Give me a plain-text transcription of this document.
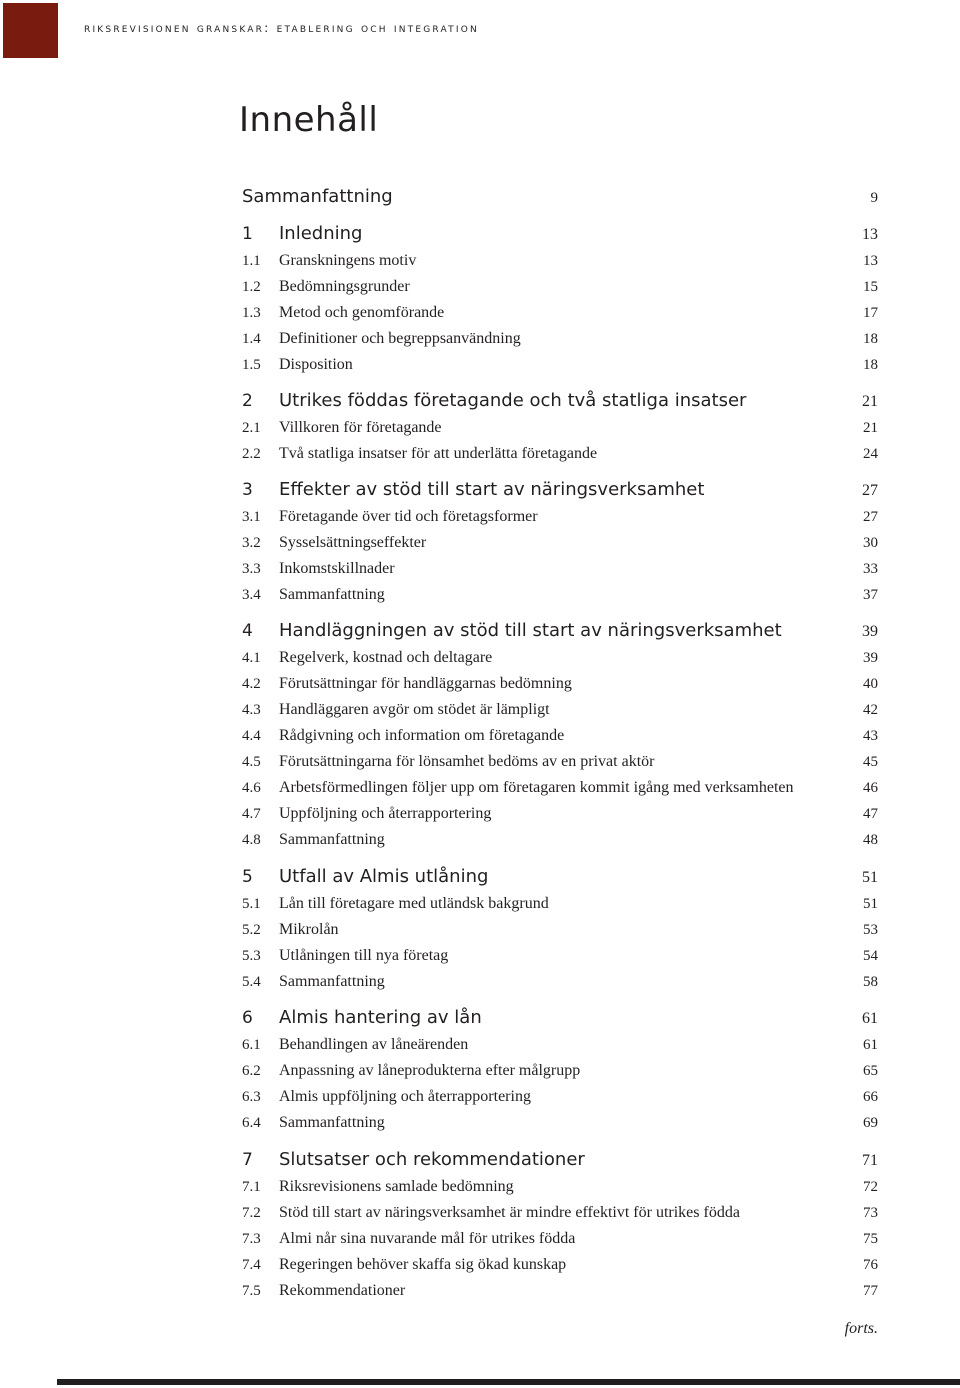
riksrevisionen granskar: etablering och integration
Innehåll
Sammanfattning	9
1 Inledning	13
1.1 Granskningens motiv	13
1.2 Bedömningsgrunder	15
1.3 Metod och genomförande	17
1.4 Definitioner och begreppsanvändning	18
1.5 Disposition	18
2 Utrikes föddas företagande och två statliga insatser	21
2.1 Villkoren för företagande	21
2.2 Två statliga insatser för att underlätta företagande	24
3 Effekter av stöd till start av näringsverksamhet	27
3.1 Företagande över tid och företagsformer	27
3.2 Sysselsättningseffekter	30
3.3 Inkomstskillnader	33
3.4 Sammanfattning	37
4 Handläggningen av stöd till start av näringsverksamhet	39
4.1 Regelverk, kostnad och deltagare	39
4.2 Förutsättningar för handläggarnas bedömning	40
4.3 Handläggaren avgör om stödet är lämpligt	42
4.4 Rådgivning och information om företagande	43
4.5 Förutsättningarna för lönsamhet bedöms av en privat aktör	45
4.6 Arbetsförmedlingen följer upp om företagaren kommit igång med verksamheten	46
4.7 Uppföljning och återrapportering	47
4.8 Sammanfattning	48
5 Utfall av Almis utlåning	51
5.1 Lån till företagare med utländsk bakgrund	51
5.2 Mikrolån	53
5.3 Utlåningen till nya företag	54
5.4 Sammanfattning	58
6 Almis hantering av lån	61
6.1 Behandlingen av låneärenden	61
6.2 Anpassning av låneprodukterna efter målgrupp	65
6.3 Almis uppföljning och återrapportering	66
6.4 Sammanfattning	69
7 Slutsatser och rekommendationer	71
7.1 Riksrevisionens samlade bedömning	72
7.2 Stöd till start av näringsverksamhet är mindre effektivt för utrikes födda	73
7.3 Almi når sina nuvarande mål för utrikes födda	75
7.4 Regeringen behöver skaffa sig ökad kunskap	76
7.5 Rekommendationer	77
forts.
